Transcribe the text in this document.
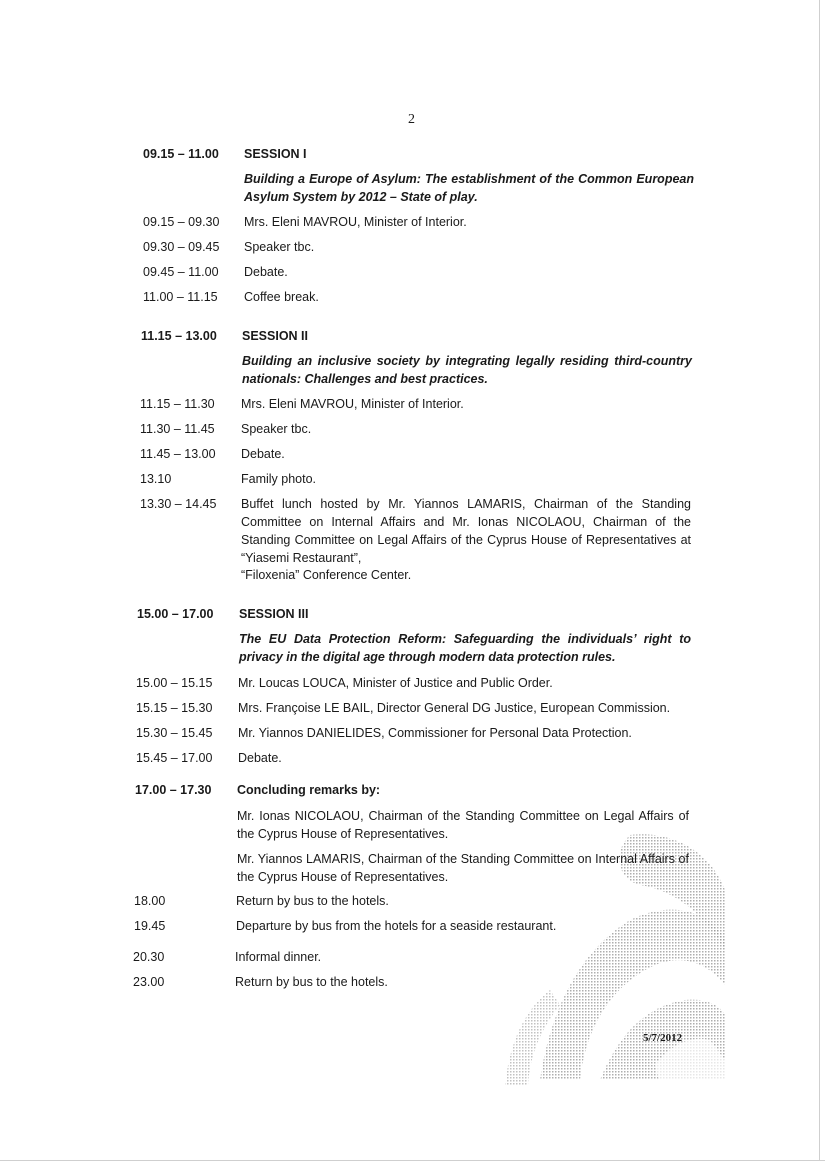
2
09.15 – 11.00 SESSION I
Building a Europe of Asylum: The establishment of the Common European Asylum System by 2012 – State of play.
09.15 – 09.30 Mrs. Eleni MAVROU, Minister of Interior.
09.30 – 09.45 Speaker tbc.
09.45 – 11.00 Debate.
11.00 – 11.15 Coffee break.
11.15 – 13.00 SESSION II
Building an inclusive society by integrating legally residing third-country nationals: Challenges and best practices.
11.15 – 11.30 Mrs. Eleni MAVROU, Minister of Interior.
11.30 – 11.45 Speaker tbc.
11.45 – 13.00 Debate.
13.10	Family photo.
13.30 – 14.45 Buffet lunch hosted by Mr. Yiannos LAMARIS, Chairman of the Standing Committee on Internal Affairs and Mr. Ionas NICOLAOU, Chairman of the Standing Committee on Legal Affairs of the Cyprus House of Representatives at “Yiasemi Restaurant”,
“Filoxenia” Conference Center.
15.00 – 17.00 SESSION III
The EU Data Protection Reform: Safeguarding the individuals’ right to privacy in the digital age through modern data protection rules.
15.00 – 15.15 Mr. Loucas LOUCA, Minister of Justice and Public Order.
15.15 – 15.30 Mrs. Françoise LE BAIL, Director General DG Justice, European Commission.
15.30 – 15.45 Mr. Yiannos DANIELIDES, Commissioner for Personal Data Protection.
15.45 – 17.00 Debate.
17.00 – 17.30 Concluding remarks by:
Mr. Ionas NICOLAOU, Chairman of the Standing Committee on Legal Affairs of the Cyprus House of Representatives.
Mr. Yiannos LAMARIS, Chairman of the Standing Committee on Internal Affairs of the Cyprus House of Representatives.
18.00	Return by bus to the hotels.
19.45	Departure by bus from the hotels for a seaside restaurant.
20.30	Informal dinner.
23.00	Return by bus to the hotels.
5/7/2012
